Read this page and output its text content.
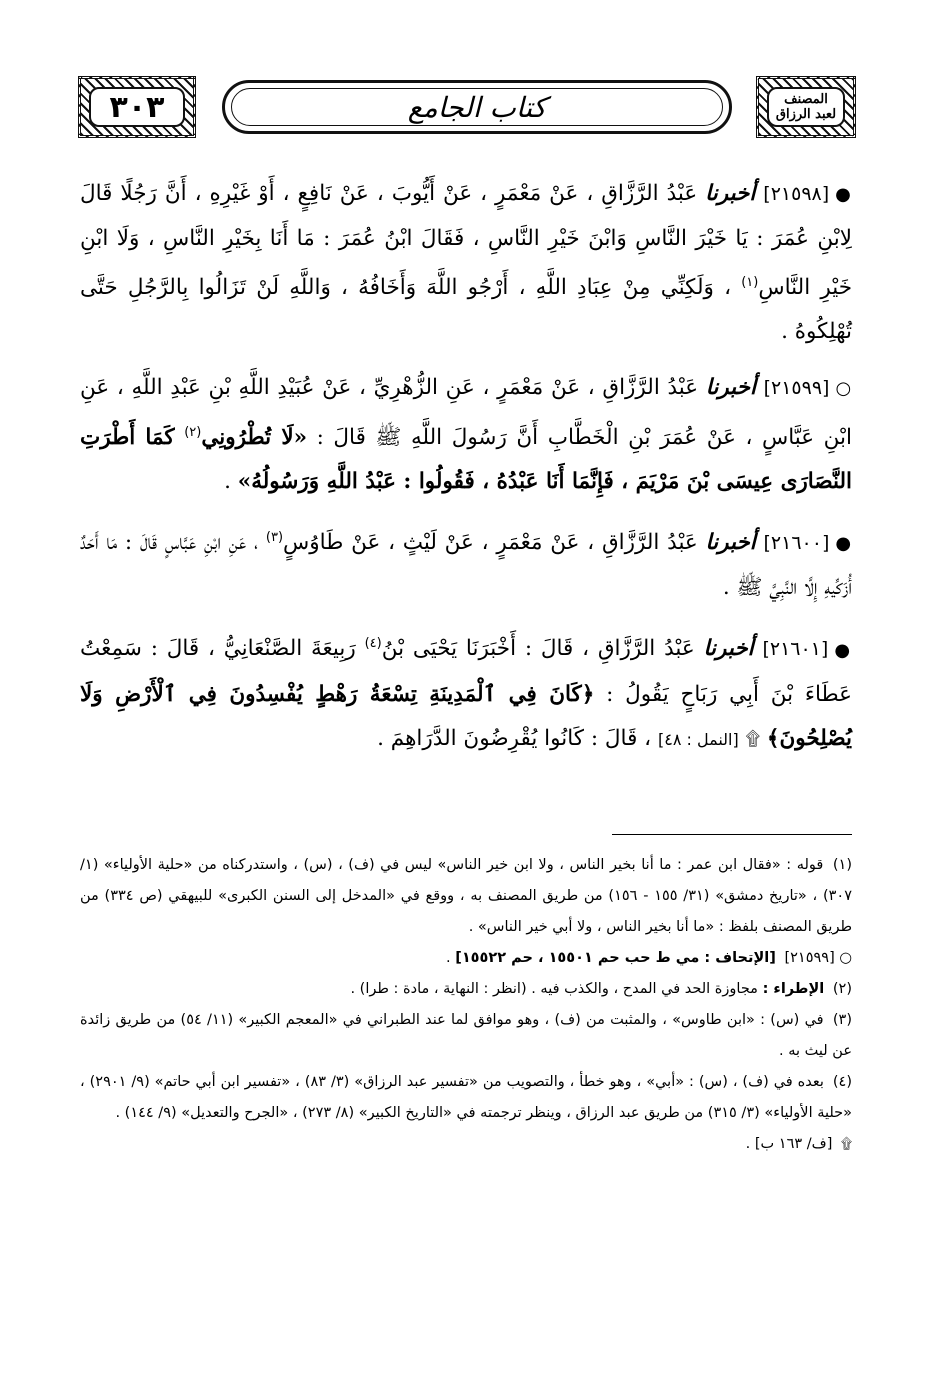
٣٠٣	كتاب الجامع	المصنف
لعبد الرزاق

●[٢١٥٩٨] أخبرنا عَبْدُ الرَّزَّاقِ ، عَنْ مَعْمَرٍ ، عَنْ أَيُّوبَ ، عَنْ نَافِعٍ ، أَوْ غَيْرِهِ ، أَنَّ رَجُلًا قَالَ لِابْنِ عُمَرَ : يَا خَيْرَ النَّاسِ وَابْنَ خَيْرِ النَّاسِ ، فَقَالَ ابْنُ عُمَرَ : مَا أَنَا بِخَيْرِ النَّاسِ ، وَلَا ابْنِ خَيْرِ النَّاسِ$^{(١)}$ ، وَلَكِنِّي مِنْ عِبَادِ اللَّهِ ، أَرْجُو اللَّهَ وَأَخَافُهُ ، وَاللَّهِ لَنْ تَزَالُوا بِالرَّجُلِ حَتَّى تُهْلِكُوهُ .

○[٢١٥٩٩] أخبرنا عَبْدُ الرَّزَّاقِ ، عَنْ مَعْمَرٍ ، عَنِ الزُّهْرِيِّ ، عَنْ عُبَيْدِ اللَّهِ بْنِ عَبْدِ اللَّهِ ، عَنِ ابْنِ عَبَّاسٍ ، عَنْ عُمَرَ بْنِ الْخَطَّابِ أَنَّ رَسُولَ اللَّهِ ﷺ قَالَ : «لَا تُطْرُونِي$^{(٢)}$ كَمَا أَطْرَتِ النَّصَارَى عِيسَى بْنَ مَرْيَمَ ، فَإِنَّمَا أَنَا عَبْدُهُ ، فَقُولُوا : عَبْدُ اللَّهِ وَرَسُولُهُ» .

●[٢١٦٠٠] أخبرنا عَبْدُ الرَّزَّاقِ ، عَنْ مَعْمَرٍ ، عَنْ لَيْثٍ ، عَنْ طَاوُسٍ$^{(٣)}$ ، عَنِ ابْنِ عَبَّاسٍ قَالَ : مَا أَحَدٌ أُزَكِّيهِ إِلَّا النَّبِيَّ ﷺ .

●[٢١٦٠١] أخبرنا عَبْدُ الرَّزَّاقِ ، قَالَ : أَخْبَرَنَا يَحْيَى بْنُ$^{(٤)}$ رَبِيعَةَ الصَّنْعَانِيُّ ، قَالَ : سَمِعْتُ عَطَاءَ بْنَ أَبِي رَبَاحٍ يَقُولُ : ﴿كَانَ فِي ٱلْمَدِينَةِ تِسْعَةُ رَهْطٍ يُفْسِدُونَ فِي ٱلْأَرْضِ وَلَا يُصْلِحُونَ﴾ ۩ [النمل : ٤٨] ، قَالَ : كَانُوا يُقْرِضُونَ الدَّرَاهِمَ .

(١) قوله : «فقال ابن عمر : ما أنا بخير الناس ، ولا ابن خير الناس» ليس في (ف) ، (س) ، واستدركناه من «حلية الأولياء» (١/ ٣٠٧) ، «تاريخ دمشق» (٣١/ ١٥٥ - ١٥٦) من طريق المصنف به ، ووقع في «المدخل إلى السنن الكبرى» للبيهقي (ص ٣٣٤) من طريق المصنف بلفظ : «ما أنا بخير الناس ، ولا أبي خير الناس» .

○ [٢١٥٩٩] [الإتحاف : مي ط حب حم ١٥٥٠١ ، حم ١٥٥٢٢] .

(٢) الإطراء : مجاوزة الحد في المدح ، والكذب فيه . (انظر : النهاية ، مادة : طرا) .

(٣) في (س) : «ابن طاوس» ، والمثبت من (ف) ، وهو موافق لما عند الطبراني في «المعجم الكبير» (١١/ ٥٤) من طريق زائدة عن ليث به .

(٤) بعده في (ف) ، (س) : «أبي» ، وهو خطأ ، والتصويب من «تفسير عبد الرزاق» (٣/ ٨٣) ، «تفسير ابن أبي حاتم» (٩/ ٢٩٠١) ، «حلية الأولياء» (٣/ ٣١٥) من طريق عبد الرزاق ، وينظر ترجمته في «التاريخ الكبير» (٨/ ٢٧٣) ، «الجرح والتعديل» (٩/ ١٤٤) .

۩ [ف/ ١٦٣ ب] .
